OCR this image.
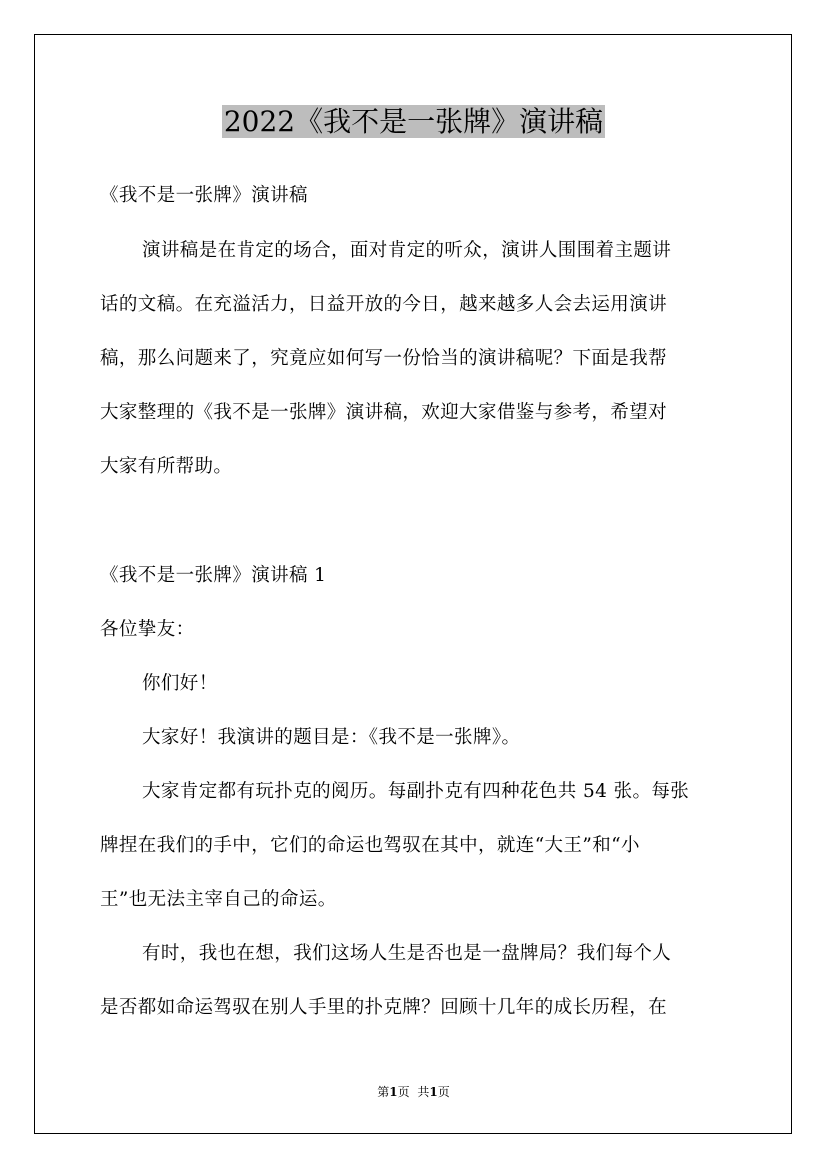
2022《我不是一张牌》演讲稿
《我不是一张牌》演讲稿
演讲稿是在肯定的场合，面对肯定的听众，演讲人围围着主题讲
话的文稿。在充溢活力，日益开放的今日，越来越多人会去运用演讲
稿，那么问题来了，究竟应如何写一份恰当的演讲稿呢？下面是我帮
大家整理的《我不是一张牌》演讲稿，欢迎大家借鉴与参考，希望对
大家有所帮助。
《我不是一张牌》演讲稿 1
各位挚友：
你们好！
大家好！我演讲的题目是：《我不是一张牌》。
大家肯定都有玩扑克的阅历。每副扑克有四种花色共 54 张。每张
牌捏在我们的手中，它们的命运也驾驭在其中，就连“大王”和“小
王”也无法主宰自己的命运。
有时，我也在想，我们这场人生是否也是一盘牌局？我们每个人
是否都如命运驾驭在别人手里的扑克牌？回顾十几年的成长历程，在
第1页 共1页
